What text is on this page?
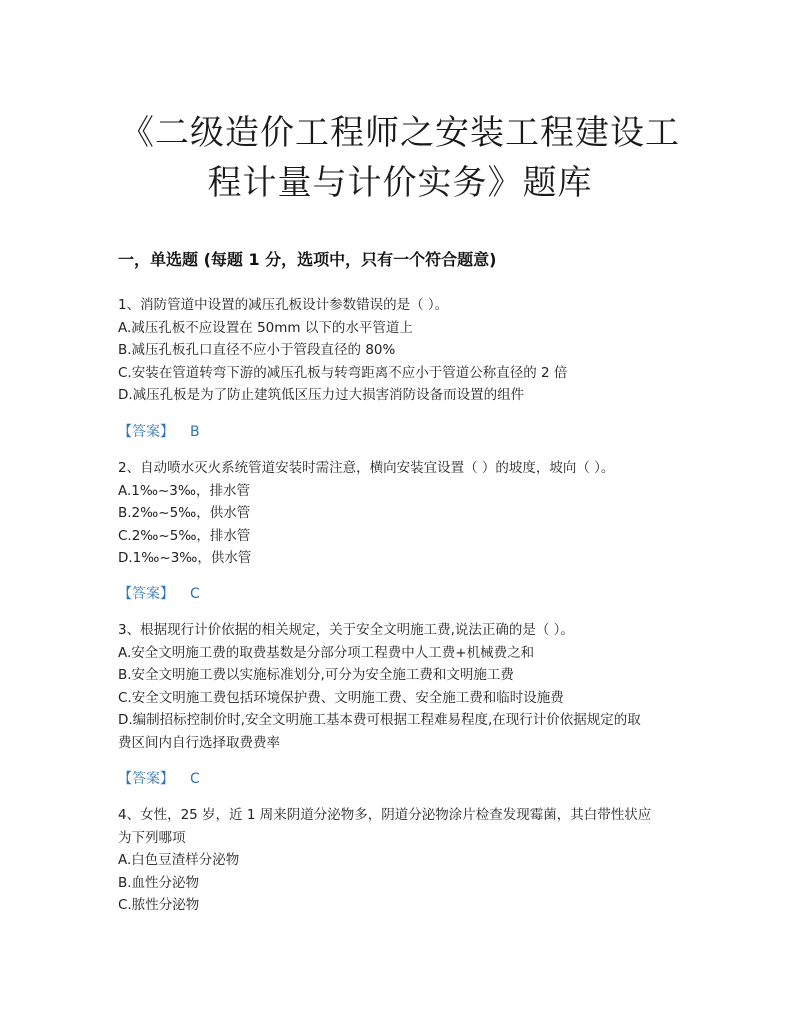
《二级造价工程师之安装工程建设工
程计量与计价实务》题库
一，单选题 (每题 1 分，选项中，只有一个符合题意)

1、消防管道中设置的减压孔板设计参数错误的是（ ）。

A.减压孔板不应设置在 50mm 以下的水平管道上

B.减压孔板孔口直径不应小于管段直径的 80%

C.安装在管道转弯下游的减压孔板与转弯距离不应小于管道公称直径的 2 倍

D.减压孔板是为了防止建筑低区压力过大损害消防设备而设置的组件

【答案】 B

2、自动喷水灭火系统管道安装时需注意，横向安装宜设置（ ）的坡度，坡向（ ）。

A.1‰~3‰，排水管

B.2‰~5‰，供水管

C.2‰~5‰，排水管

D.1‰~3‰，供水管

【答案】 C

3、根据现行计价依据的相关规定，关于安全文明施工费,说法正确的是（ ）。

A.安全文明施工费的取费基数是分部分项工程费中人工费+机械费之和

B.安全文明施工费以实施标准划分,可分为安全施工费和文明施工费

C.安全文明施工费包括环境保护费、文明施工费、安全施工费和临时设施费

D.编制招标控制价时,安全文明施工基本费可根据工程难易程度,在现行计价依据规定的取

费区间内自行选择取费费率

【答案】 C

4、女性，25 岁，近 1 周来阴道分泌物多，阴道分泌物涂片检查发现霉菌，其白带性状应

为下列哪项

A.白色豆渣样分泌物

B.血性分泌物

C.脓性分泌物
